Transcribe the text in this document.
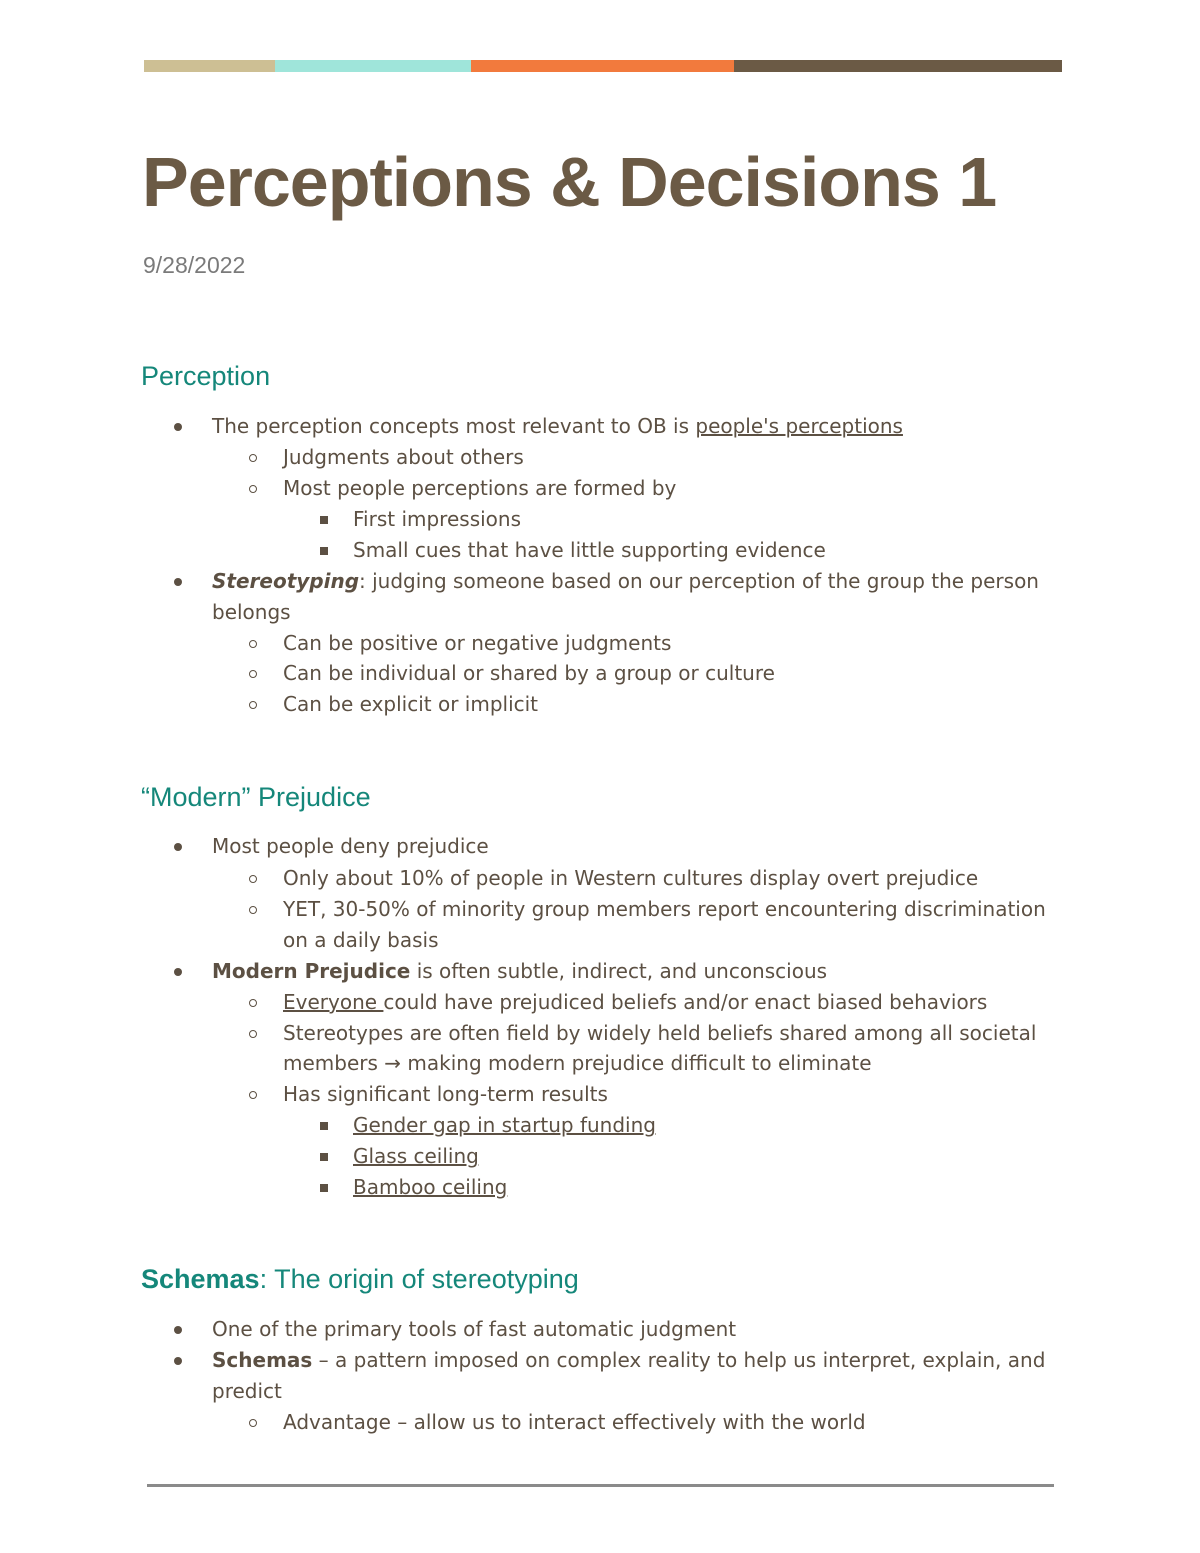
Perceptions & Decisions 1
9/28/2022
Perception
The perception concepts most relevant to OB is people's perceptions
Judgments about others
Most people perceptions are formed by
First impressions
Small cues that have little supporting evidence
Stereotyping: judging someone based on our perception of the group the person
belongs
Can be positive or negative judgments
Can be individual or shared by a group or culture
Can be explicit or implicit
“Modern” Prejudice
Most people deny prejudice
Only about 10% of people in Western cultures display overt prejudice
YET, 30-50% of minority group members report encountering discrimination
on a daily basis
Modern Prejudice is often subtle, indirect, and unconscious
Everyone could have prejudiced beliefs and/or enact biased behaviors
Stereotypes are often field by widely held beliefs shared among all societal
members → making modern prejudice difficult to eliminate
Has significant long-term results
Gender gap in startup funding
Glass ceiling
Bamboo ceiling
Schemas: The origin of stereotyping
One of the primary tools of fast automatic judgment
Schemas – a pattern imposed on complex reality to help us interpret, explain, and
predict
Advantage – allow us to interact effectively with the world
